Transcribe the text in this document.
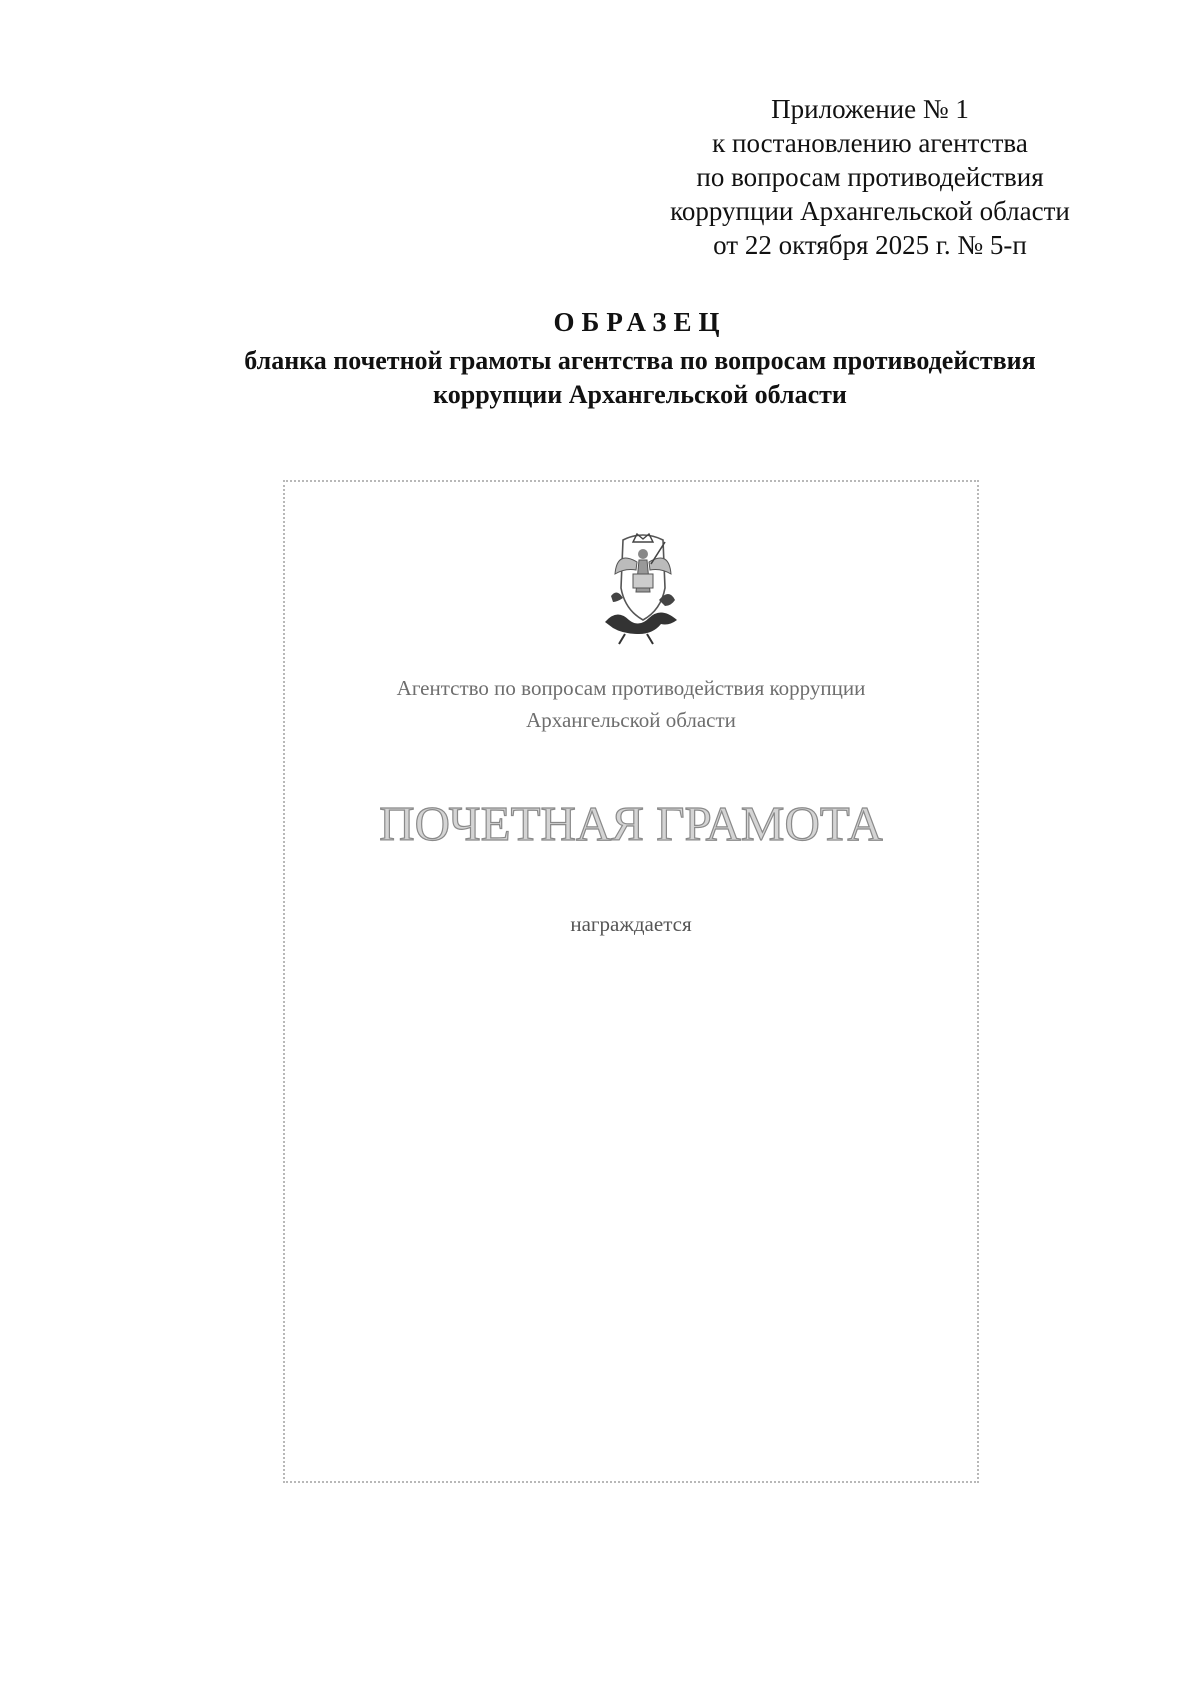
Приложение № 1
к постановлению агентства
по вопросам противодействия
коррупции Архангельской области
от 22 октября 2025 г. № 5-п
ОБРАЗЕЦ
бланка почетной грамоты агентства по вопросам противодействия
коррупции Архангельской области
Агентство по вопросам противодействия коррупции
Архангельской области
ПОЧЕТНАЯ ГРАМОТА
награждается
